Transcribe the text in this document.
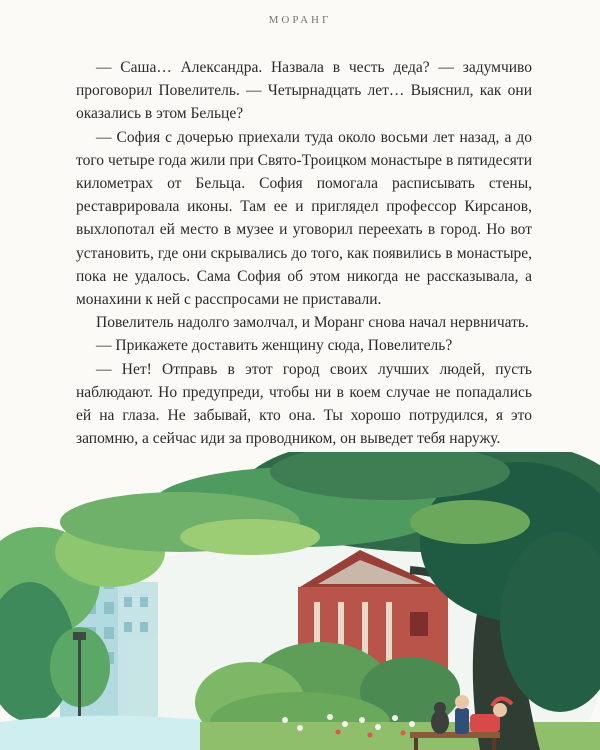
МОРАНГ

— Саша… Александра. Назвала в честь деда? — задумчиво проговорил Повелитель. — Четырнадцать лет… Выяснил, как они оказались в этом Бельце?

— София с дочерью приехали туда около восьми лет назад, а до того четыре года жили при Свято-Троицком монастыре в пятидесяти километрах от Бельца. София помогала расписывать стены, реставрировала иконы. Там ее и приглядел профессор Кирсанов, выхлопотал ей место в музее и уговорил переехать в город. Но вот установить, где они скрывались до того, как появились в монастыре, пока не удалось. Сама София об этом никогда не рассказывала, а монахини к ней с расспросами не приставали.

Повелитель надолго замолчал, и Моранг снова начал нервничать.

— Прикажете доставить женщину сюда, Повелитель?

— Нет! Отправь в этот город своих лучших людей, пусть наблюдают. Но предупреди, чтобы ни в коем случае не попадались ей на глаза. Не забывай, кто она. Ты хорошо потрудился, я это запомню, а сейчас иди за проводником, он выведет тебя наружу.
